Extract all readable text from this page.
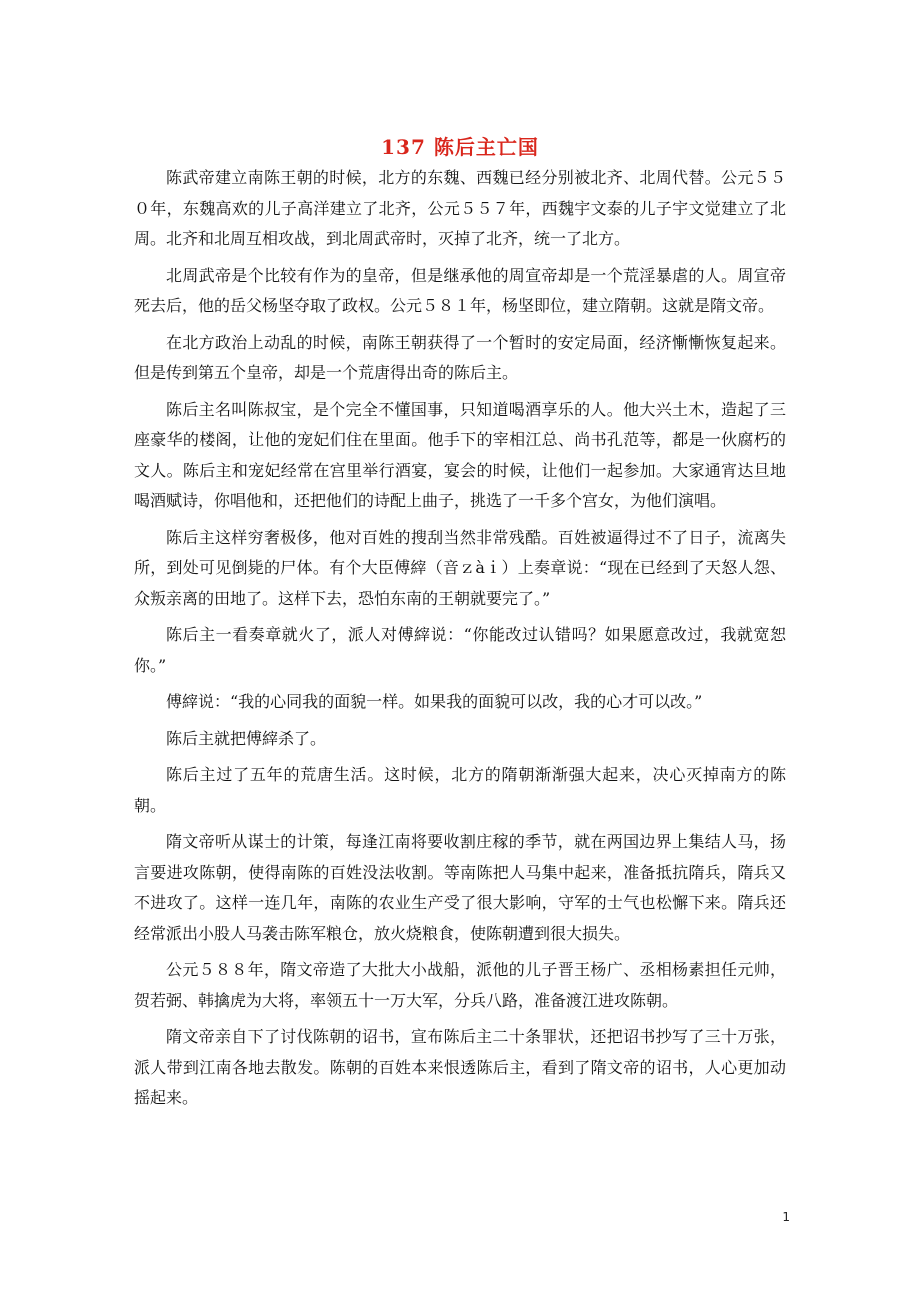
137 陈后主亡国

陈武帝建立南陈王朝的时候，北方的东魏、西魏已经分别被北齐、北周代替。公元５５０年，东魏高欢的儿子高洋建立了北齐，公元５５７年，西魏宇文泰的儿子宇文觉建立了北周。北齐和北周互相攻战，到北周武帝时，灭掉了北齐，统一了北方。

北周武帝是个比较有作为的皇帝，但是继承他的周宣帝却是一个荒淫暴虐的人。周宣帝死去后，他的岳父杨坚夺取了政权。公元５８１年，杨坚即位，建立隋朝。这就是隋文帝。

在北方政治上动乱的时候，南陈王朝获得了一个暂时的安定局面，经济慚慚恢复起来。但是传到第五个皇帝，却是一个荒唐得出奇的陈后主。

陈后主名叫陈叔宝，是个完全不懂国事，只知道喝酒享乐的人。他大兴土木，造起了三座豪华的楼阁，让他的宠妃们住在里面。他手下的宰相江总、尚书孔范等，都是一伙腐朽的文人。陈后主和宠妃经常在宫里举行酒宴，宴会的时候，让他们一起参加。大家通宵达旦地喝酒赋诗，你唱他和，还把他们的诗配上曲子，挑选了一千多个宫女，为他们演唱。

陈后主这样穷奢极侈，他对百姓的搜刮当然非常残酷。百姓被逼得过不了日子，流离失所，到处可见倒毙的尸体。有个大臣傅縡（音ｚàｉ）上奏章说：“现在已经到了天怒人怨、众叛亲离的田地了。这样下去，恐怕东南的王朝就要完了。”

陈后主一看奏章就火了，派人对傅縡说：“你能改过认错吗？如果愿意改过，我就宽恕你。”

傅縡说：“我的心同我的面貌一样。如果我的面貌可以改，我的心才可以改。”

陈后主就把傅縡杀了。

陈后主过了五年的荒唐生活。这时候，北方的隋朝渐渐强大起来，决心灭掉南方的陈朝。

隋文帝听从谋士的计策，每逢江南将要收割庄稼的季节，就在两国边界上集结人马，扬言要进攻陈朝，使得南陈的百姓没法收割。等南陈把人马集中起来，准备抵抗隋兵，隋兵又不进攻了。这样一连几年，南陈的农业生产受了很大影响，守军的士气也松懈下来。隋兵还经常派出小股人马袭击陈军粮仓，放火烧粮食，使陈朝遭到很大损失。

公元５８８年，隋文帝造了大批大小战船，派他的儿子晋王杨广、丞相杨素担任元帅，贺若弼、韩擒虎为大将，率领五十一万大军，分兵八路，准备渡江进攻陈朝。

隋文帝亲自下了讨伐陈朝的诏书，宣布陈后主二十条罪状，还把诏书抄写了三十万张，派人带到江南各地去散发。陈朝的百姓本来恨透陈后主，看到了隋文帝的诏书，人心更加动摇起来。

1
